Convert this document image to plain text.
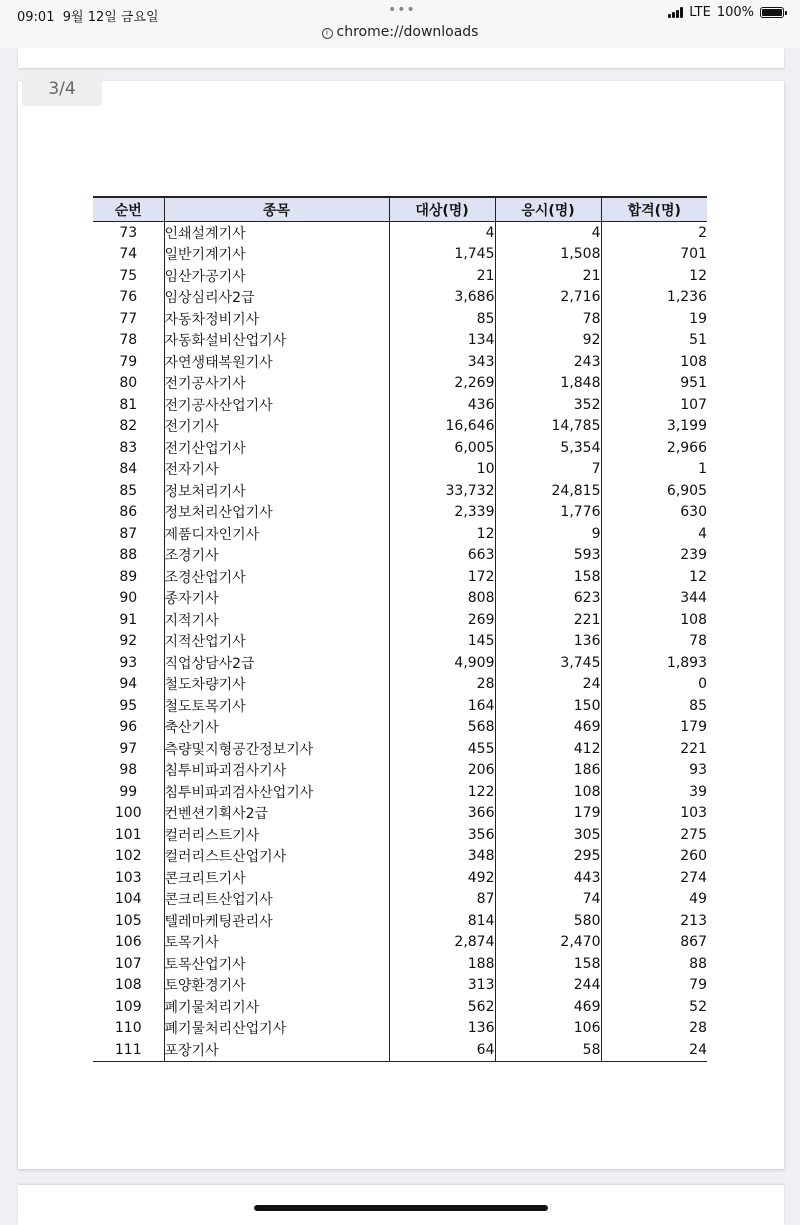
09:01 9월 12일 금요일	•••
i chrome://downloads
LTE 100%
3/4
순번	종목	대상(명)	응시(명)	합격(명)
73	인쇄설계기사	4	4	2
74	일반기계기사	1,745	1,508	701
75	임산가공기사	21	21	12
76	임상심리사2급	3,686	2,716	1,236
77	자동차정비기사	85	78	19
78	자동화설비산업기사	134	92	51
79	자연생태복원기사	343	243	108
80	전기공사기사	2,269	1,848	951
81	전기공사산업기사	436	352	107
82	전기기사	16,646	14,785	3,199
83	전기산업기사	6,005	5,354	2,966
84	전자기사	10	7	1
85	정보처리기사	33,732	24,815	6,905
86	정보처리산업기사	2,339	1,776	630
87	제품디자인기사	12	9	4
88	조경기사	663	593	239
89	조경산업기사	172	158	12
90	종자기사	808	623	344
91	지적기사	269	221	108
92	지적산업기사	145	136	78
93	직업상담사2급	4,909	3,745	1,893
94	철도차량기사	28	24	0
95	철도토목기사	164	150	85
96	축산기사	568	469	179
97	측량및지형공간정보기사	455	412	221
98	침투비파괴검사기사	206	186	93
99	침투비파괴검사산업기사	122	108	39
100	컨벤션기획사2급	366	179	103
101	컬러리스트기사	356	305	275
102	컬러리스트산업기사	348	295	260
103	콘크리트기사	492	443	274
104	콘크리트산업기사	87	74	49
105	텔레마케팅관리사	814	580	213
106	토목기사	2,874	2,470	867
107	토목산업기사	188	158	88
108	토양환경기사	313	244	79
109	폐기물처리기사	562	469	52
110	폐기물처리산업기사	136	106	28
111	포장기사	64	58	24
